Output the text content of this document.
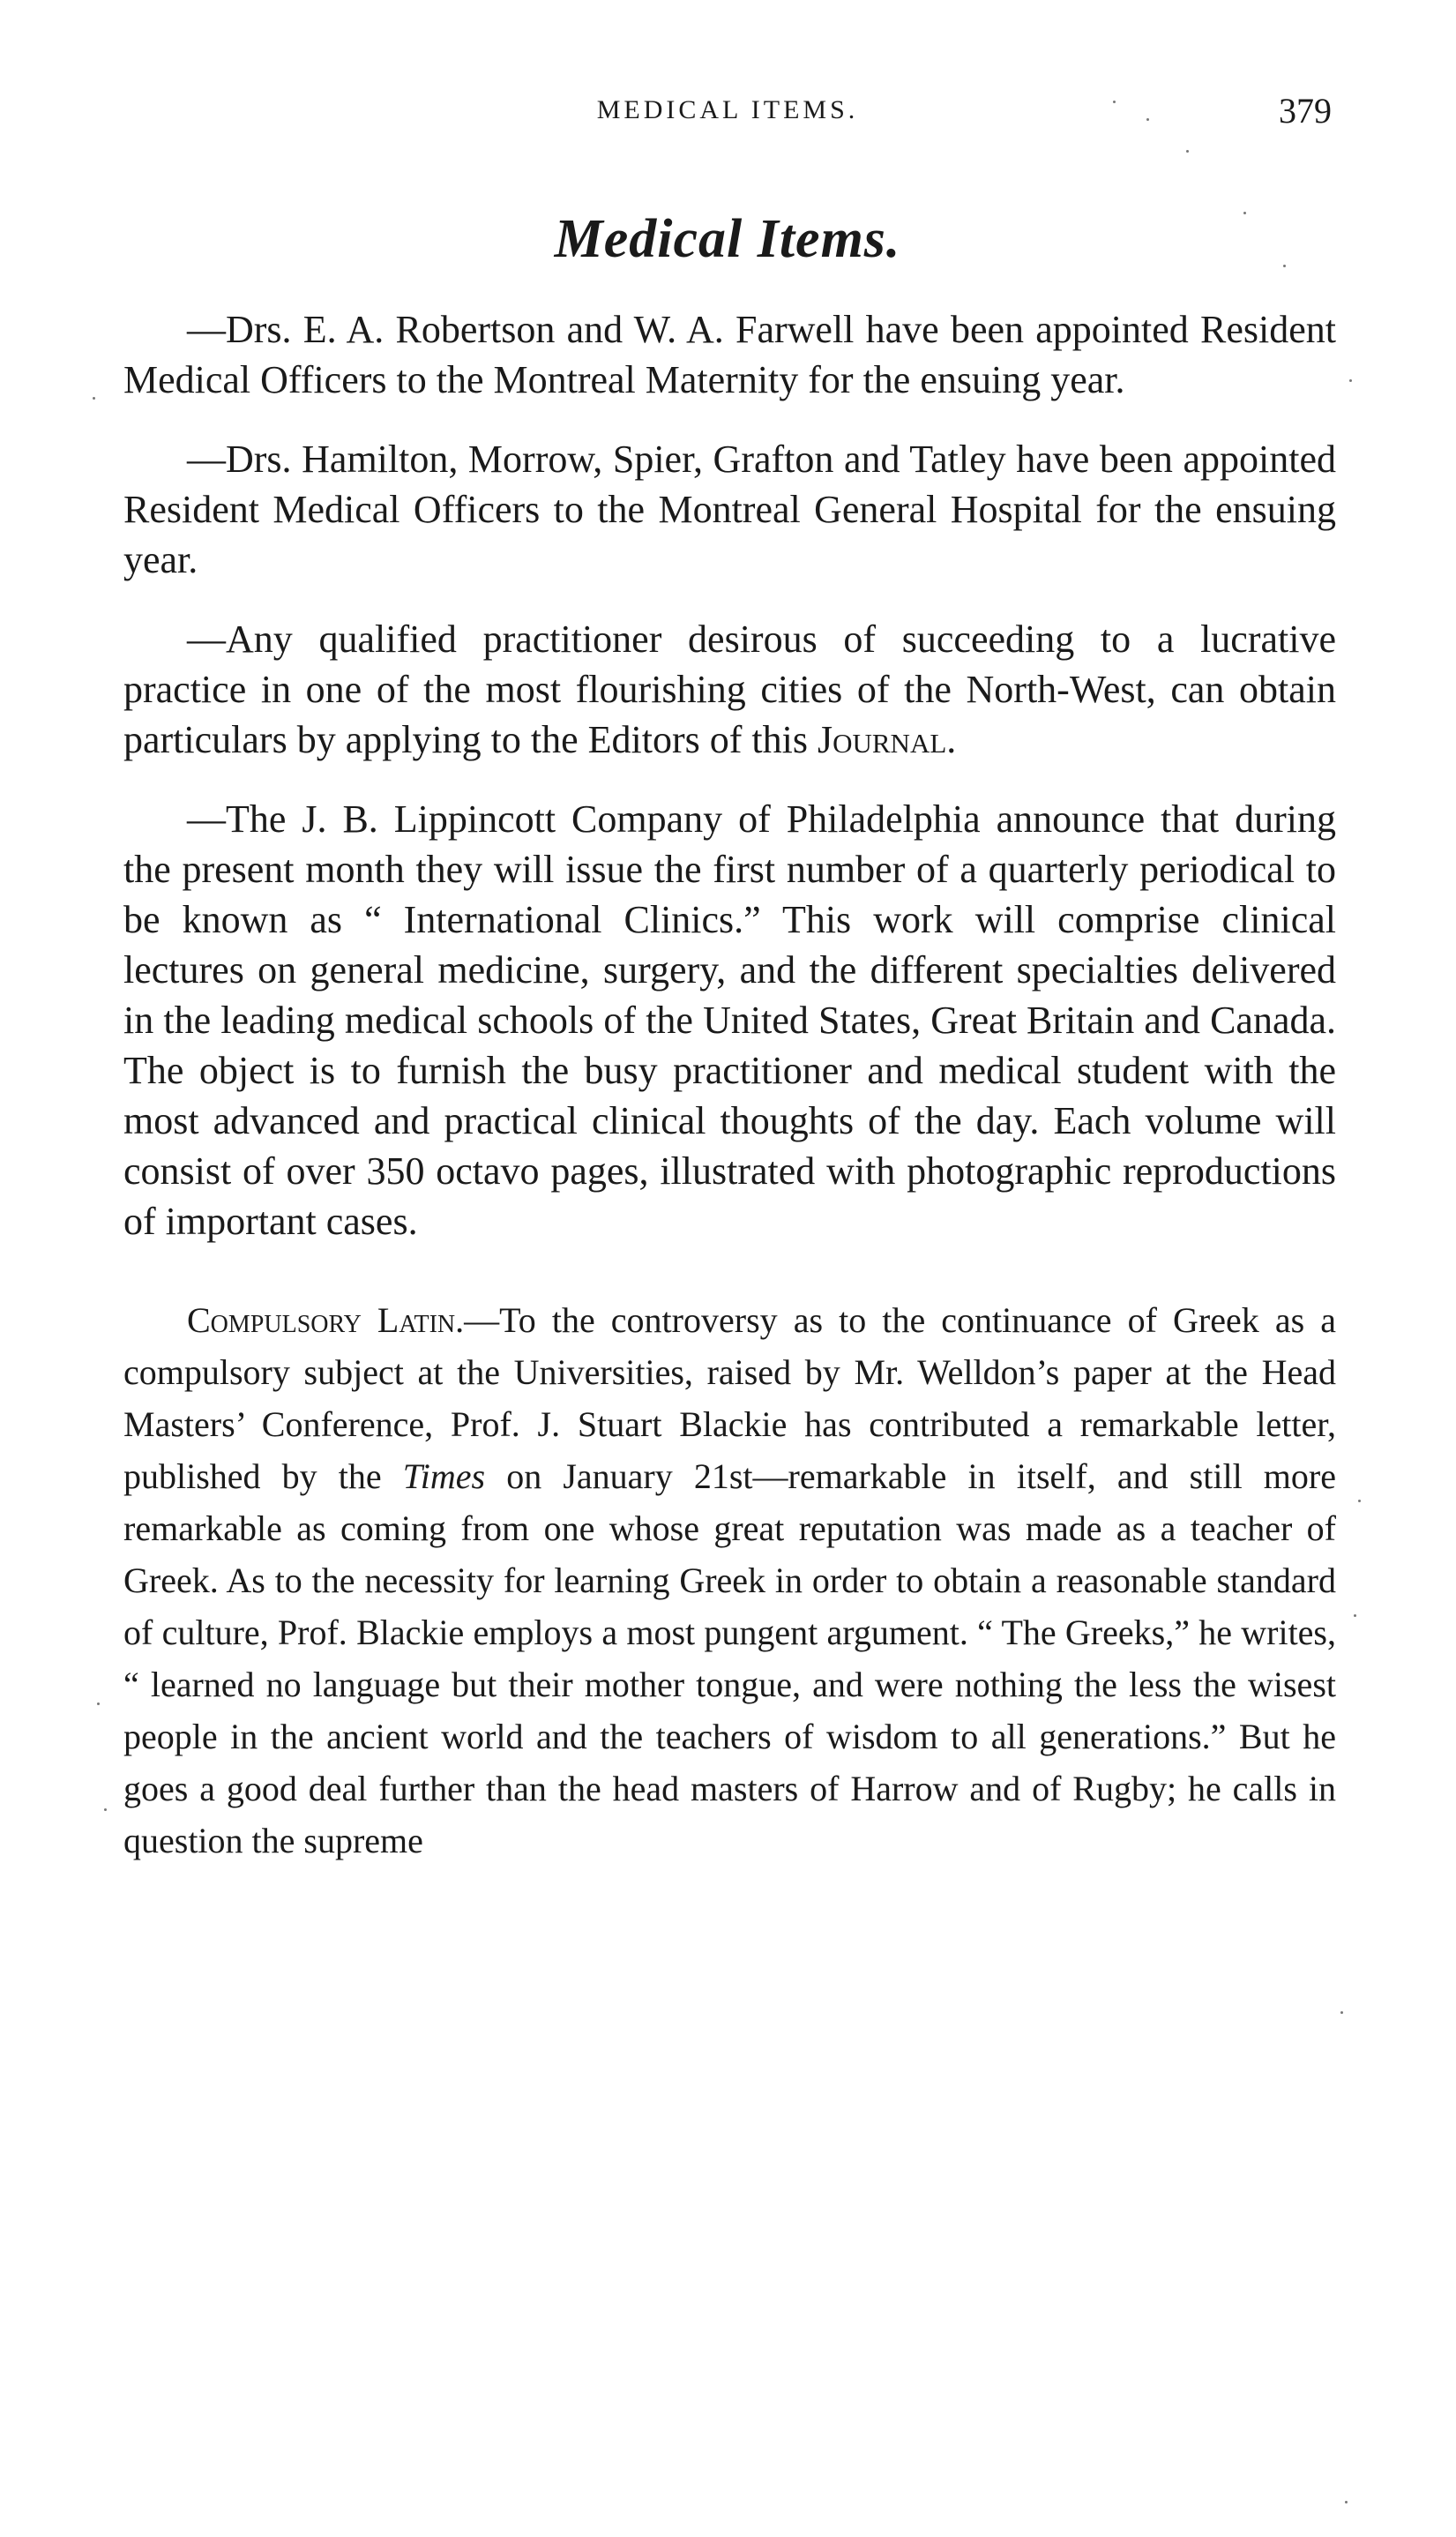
MEDICAL ITEMS.	379
Medical Items.

—Drs. E. A. Robertson and W. A. Farwell have been appointed Resident Medical Officers to the Montreal Maternity for the ensuing year.

—Drs. Hamilton, Morrow, Spier, Grafton and Tatley have been appointed Resident Medical Officers to the Montreal General Hospital for the ensuing year.

—Any qualified practitioner desirous of succeeding to a lucrative practice in one of the most flourishing cities of the North-West, can obtain particulars by applying to the Editors of this Journal.

—The J. B. Lippincott Company of Philadelphia announce that during the present month they will issue the first number of a quarterly periodical to be known as “ International Clinics.” This work will comprise clinical lectures on general medicine, surgery, and the different specialties delivered in the leading medical schools of the United States, Great Britain and Canada. The object is to furnish the busy practitioner and medical student with the most advanced and practical clinical thoughts of the day. Each volume will consist of over 350 octavo pages, illustrated with photographic reproductions of important cases.

Compulsory Latin.—To the controversy as to the continuance of Greek as a compulsory subject at the Universities, raised by Mr. Welldon’s paper at the Head Masters’ Conference, Prof. J. Stuart Blackie has contributed a remarkable letter, published by the Times on January 21st—remarkable in itself, and still more remarkable as coming from one whose great reputation was made as a teacher of Greek. As to the necessity for learning Greek in order to obtain a reasonable standard of culture, Prof. Blackie employs a most pungent argument. “ The Greeks,” he writes, “ learned no language but their mother tongue, and were nothing the less the wisest people in the ancient world and the teachers of wisdom to all generations.” But he goes a good deal further than the head masters of Harrow and of Rugby; he calls in question the supreme
